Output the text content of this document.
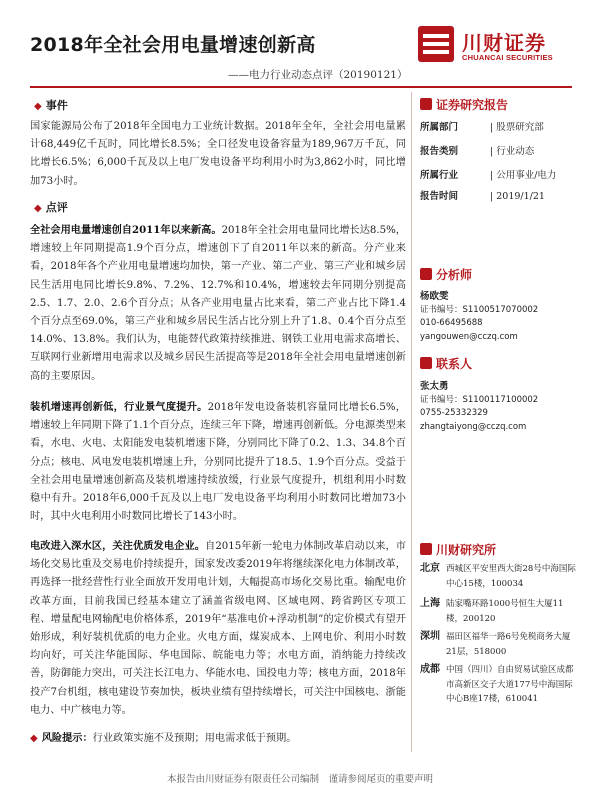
2018年全社会用电量增速创新高
——电力行业动态点评（20190121）
川财证券
CHUANCAI SECURITIES
◆ 事件
国家能源局公布了2018年全国电力工业统计数据。2018年全年，全社会用电量累计68,449亿千瓦时，同比增长8.5%；全口径发电设备容量为189,967万千瓦，同比增长6.5%；6,000千瓦及以上电厂发电设备平均利用小时为3,862小时，同比增加73小时。
◆ 点评
全社会用电量增速创自2011年以来新高。2018年全社会用电量同比增长达8.5%，增速较上年同期提高1.9个百分点，增速创下了自2011年以来的新高。分产业来看，2018年各个产业用电量增速均加快，第一产业、第二产业、第三产业和城乡居民生活用电同比增长9.8%、7.2%、12.7%和10.4%，增速较去年同期分别提高2.5、1.7、2.0、2.6个百分点；从各产业用电量占比来看，第二产业占比下降1.4个百分点至69.0%，第三产业和城乡居民生活占比分别上升了1.8、0.4个百分点至14.0%、13.8%。我们认为，电能替代政策持续推进、钢铁工业用电需求高增长、互联网行业新增用电需求以及城乡居民生活提高等是2018年全社会用电量增速创新高的主要原因。
装机增速再创新低，行业景气度提升。2018年发电设备装机容量同比增长6.5%，增速较上年同期下降了1.1个百分点，连续三年下降，增速再创新低。分电源类型来看，水电、火电、太阳能发电装机增速下降，分别同比下降了0.2、1.3、34.8个百分点；核电、风电发电装机增速上升，分别同比提升了18.5、1.9个百分点。受益于全社会用电量增速创新高及装机增速持续放缓，行业景气度提升，机组利用小时数稳中有升。2018年6,000千瓦及以上电厂发电设备平均利用小时数同比增加73小时，其中火电利用小时数同比增长了143小时。
电改进入深水区，关注优质发电企业。自2015年新一轮电力体制改革启动以来，市场化交易比重及交易电价持续提升，国家发改委2019年将继续深化电力体制改革，再选择一批经营性行业全面放开发用电计划，大幅提高市场化交易比重。输配电价改革方面，目前我国已经基本建立了涵盖省级电网、区域电网、跨省跨区专项工程、增量配电网输配电价格体系，2019年“基准电价+浮动机制”的定价模式有望开始形成，利好装机优质的电力企业。火电方面，煤炭成本、上网电价、利用小时数均向好，可关注华能国际、华电国际、皖能电力等；水电方面，消纳能力持续改善，防御能力突出，可关注长江电力、华能水电、国投电力等；核电方面，2018年投产7台机组，核电建设节奏加快，板块业绩有望持续增长，可关注中国核电、浙能电力、中广核电力等。
◆ 风险提示：行业政策实施不及预期；用电需求低于预期。
证券研究报告
所属部门	| 股票研究部
报告类别	| 行业动态
所属行业	| 公用事业/电力
报告时间	| 2019/1/21
分析师
杨欧雯
证书编号：S1100517070002
010-66495688
yangouwen@cczq.com
联系人
张太勇
证书编号：S1100117100002
0755-25332329
zhangtaiyong@cczq.com
川财研究所
北京 西城区平安里西大街28号中海国际中心15楼，100034
上海 陆家嘴环路1000号恒生大厦11楼，200120
深圳 福田区福华一路6号免税商务大厦21层，518000
成都 中国（四川）自由贸易试验区成都市高新区交子大道177号中海国际中心B座17楼，610041
本报告由川财证券有限责任公司编制　谨请参阅尾页的重要声明
